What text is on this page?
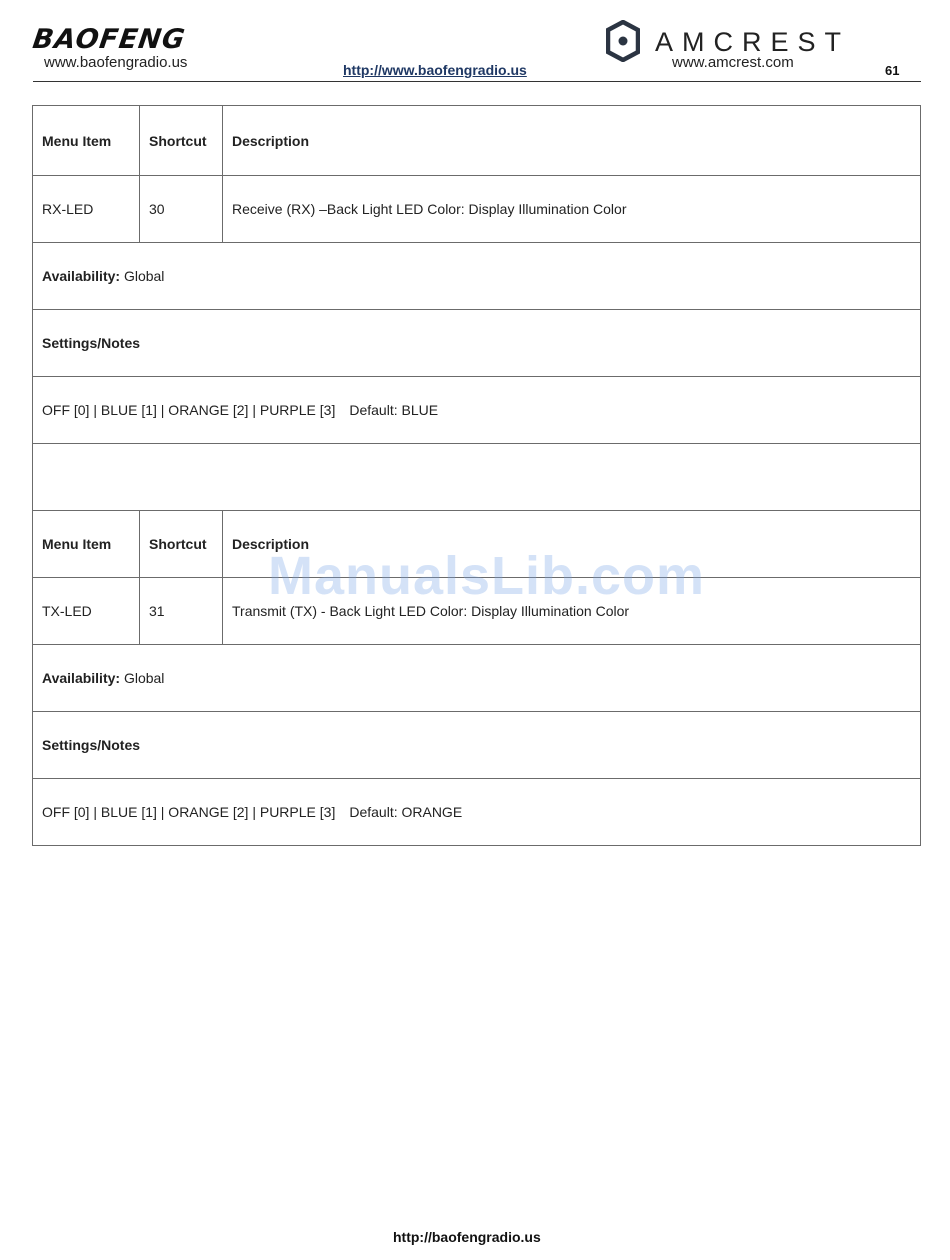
BAOFENG
www.baofengradio.us	http://www.baofengradio.us
AMCREST
www.amcrest.com	61
Menu Item	Shortcut	Description
RX-LED	30	Receive (RX) –Back Light LED Color: Display Illumination Color
Availability: Global		
Settings/Notes		
OFF [0] | BLUE [1] | ORANGE [2] | PURPLE [3] Default: BLUE		

Menu Item	Shortcut	Description
TX-LED	31	Transmit (TX) - Back Light LED Color: Display Illumination Color
Availability: Global		
Settings/Notes		
OFF [0] | BLUE [1] | ORANGE [2] | PURPLE [3] Default: ORANGE		
ManualsLib.com
http://baofengradio.us
